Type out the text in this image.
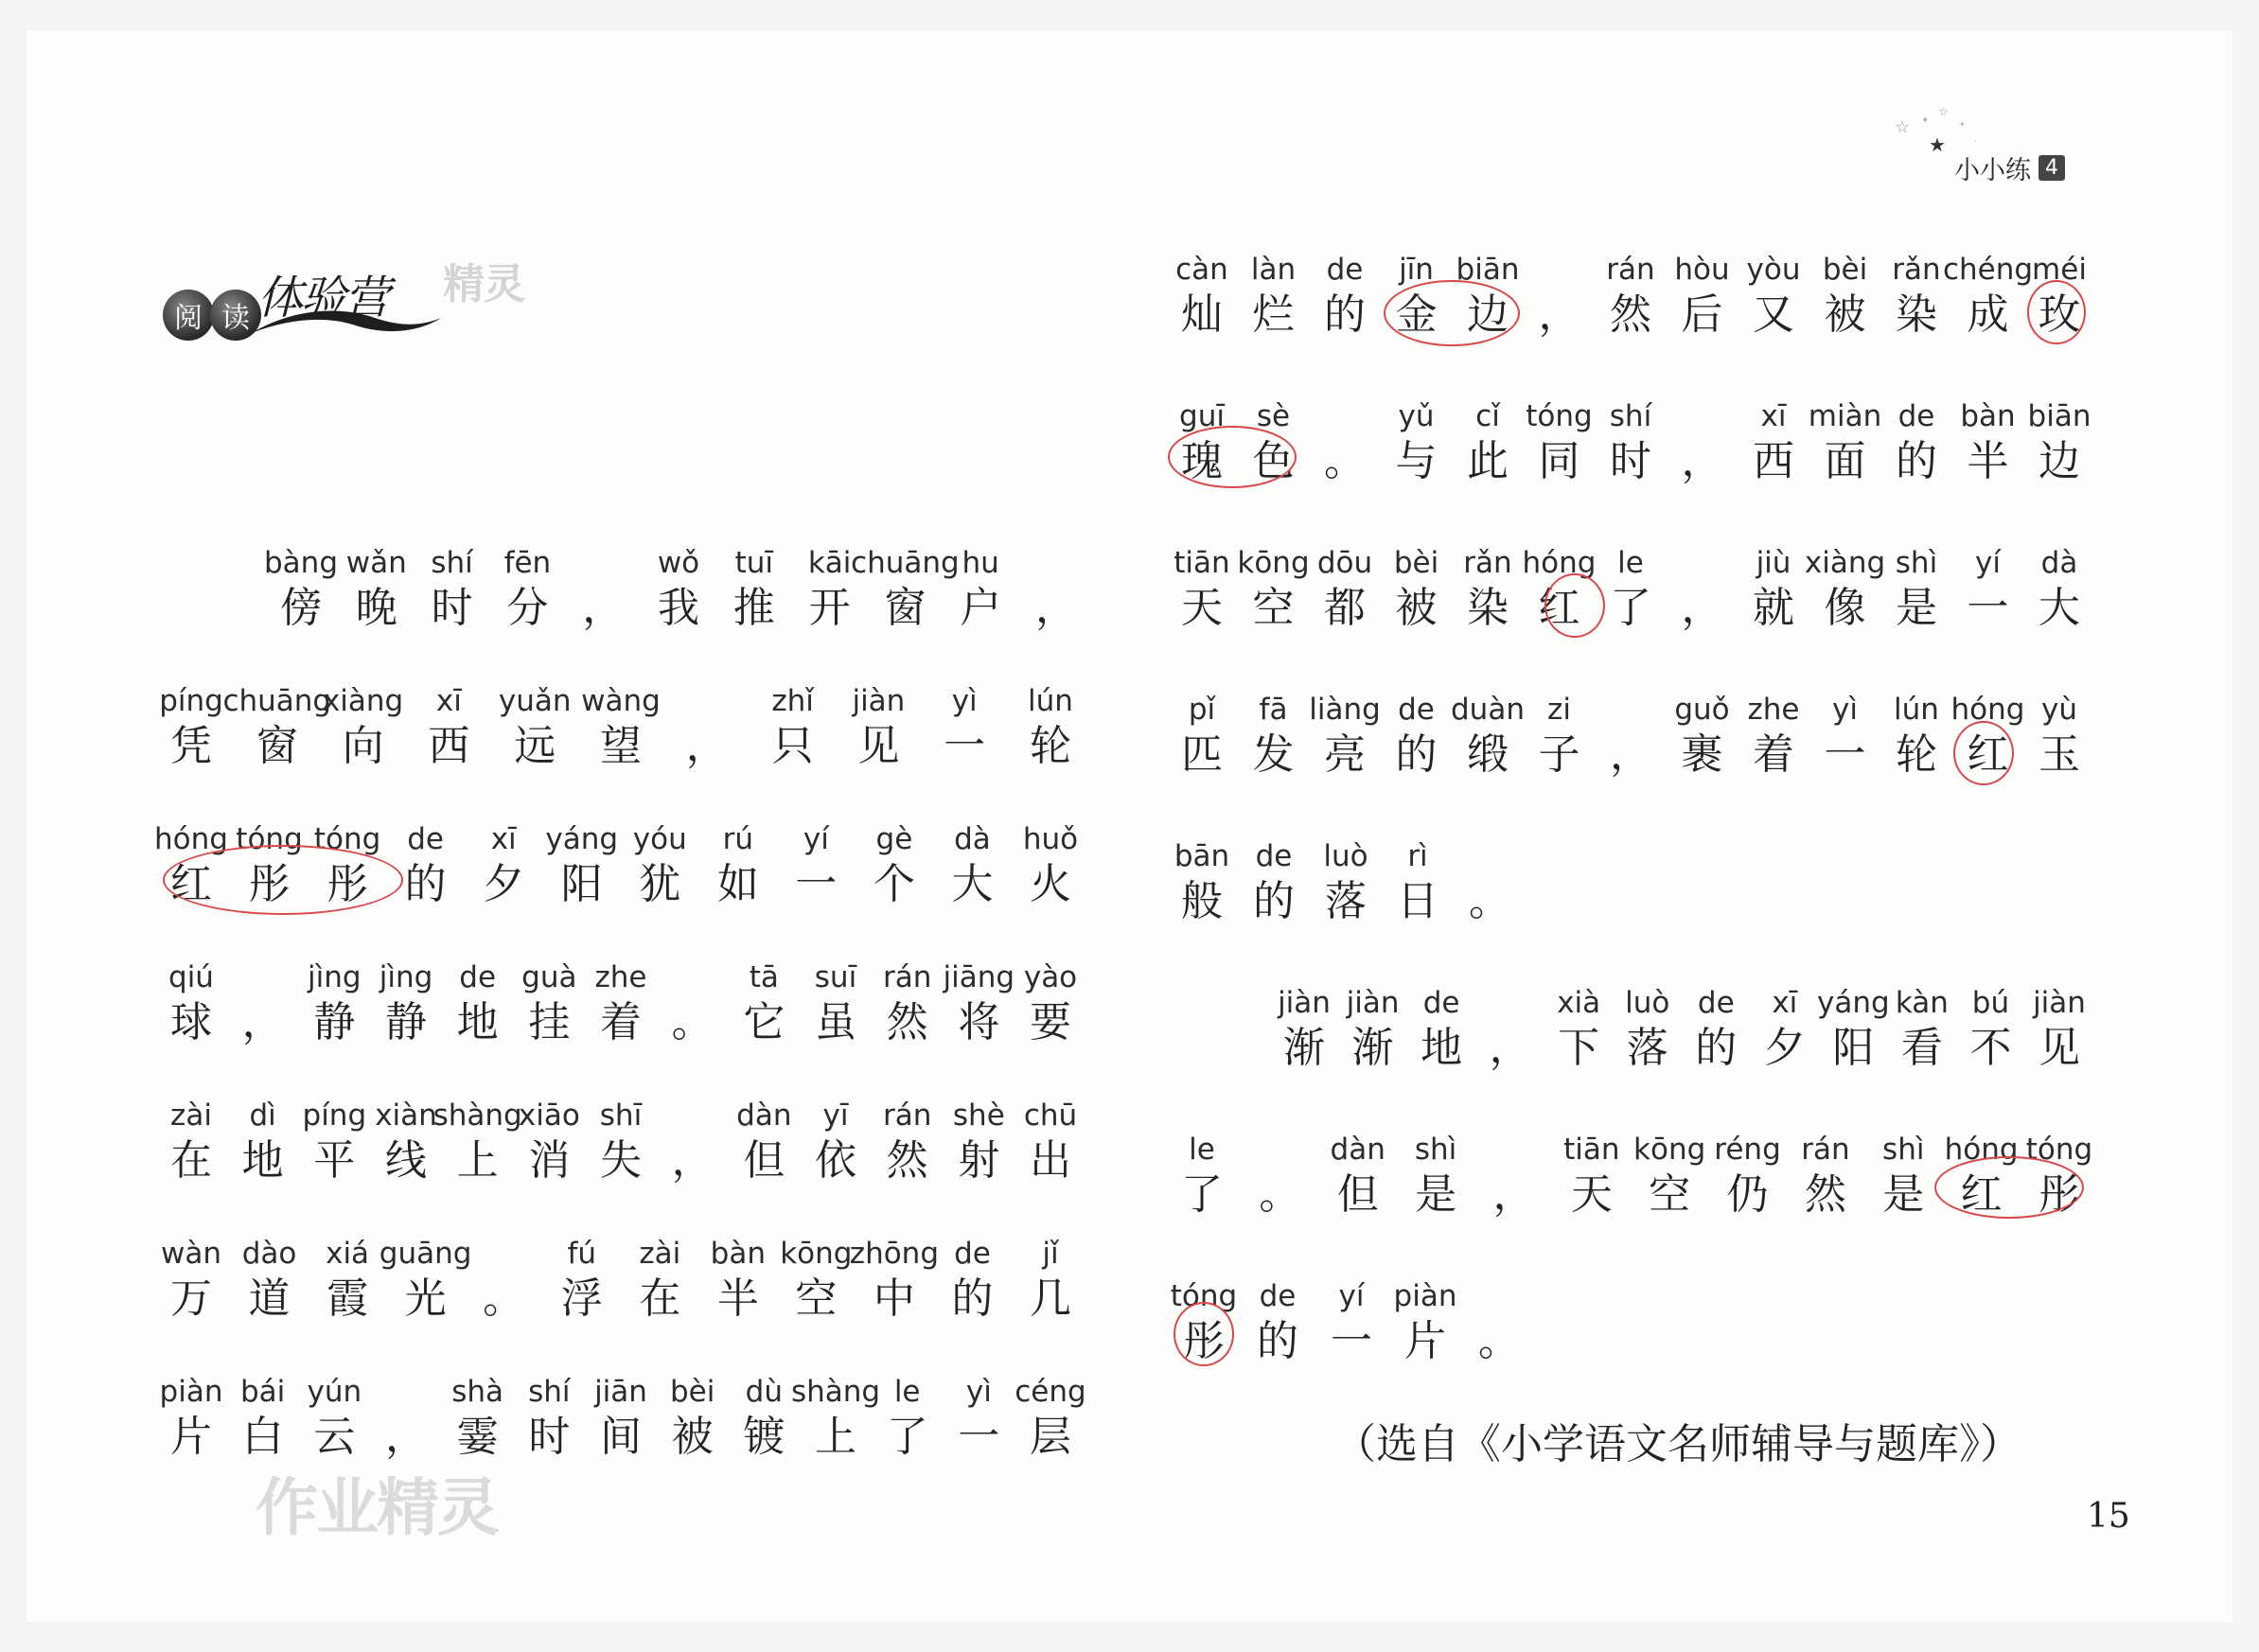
☆ ✦
☆
✦
★	·
小小练 4
阅 读 体验营 精灵
bàng
傍
wǎn
晚
shí
时
fēn
分 ，
wǒ
我
tuī
推
kāi
开
chuāng
窗
hu
户 ，
píng
凭
chuāng
窗
xiàng
向
xī
西
yuǎn
远
wàng
望	，
zhǐ
只
jiàn
见
yì
一
lún
轮
hóng
红
tóng
彤
tóng
彤
de
的
xī
夕
yáng
阳
yóu
犹
rú
如
yí
一
gè
个
dà
大
huǒ
火
qiú
球 ，
jìng
静
jìng
静
de
地
guà
挂
zhe
着 。
tā
它
suī
虽
rán
然
jiāng
将
yào
要
zài
在
dì
地
píng
平
xiàn
线
shàng
上
xiāo
消
shī
失 ，
dàn
但
yī
依
rán
然
shè
射
chū
出
wàn
万
dào
道
xiá
霞
guāng
光 。
fú
浮
zài
在
bàn
半
kōng
空
zhōng
中
de
的
jǐ
几
piàn
片
bái
白
yún
云 ，
shà
霎
shí
时
jiān
间
bèi
被
dù
镀
shàng
上
le
了
yì
一
céng
层
càn
灿
làn
烂
de
的
jīn
金
biān
边 ，
rán
然
hòu
后
yòu
又
bèi
被
rǎn
染
chéng
成
méi
玫
guī
瑰
sè
色 。
yǔ
与
cǐ
此
tóng
同
shí
时 ，
xī
西
miàn
面
de
的
bàn
半
biān
边
tiān
天
kōng
空
dōu
都
bèi
被
rǎn
染
hóng
红
le
了 ，
jiù
就
xiàng
像
shì
是
yí
一
dà
大
pǐ
匹
fā
发
liàng
亮
de
的
duàn
缎
zi
子 ，
guǒ
裹
zhe
着
yì
一
lún
轮
hóng
红
yù
玉
bān
般
de
的
luò
落
rì
日 。
jiàn
渐
jiàn
渐
de
地 ，
xià
下
luò
落
de
的
xī
夕
yáng
阳
kàn
看
bú
不
jiàn
见
le
了 。
dàn
但
shì
是 ，
tiān
天
kōng
空
réng
仍
rán
然
shì
是
hóng
红
tóng
彤
tóng
彤
de
的
yí
一
piàn
片 。
（选自《小学语文名师辅导与题库》）
15
作业精灵
